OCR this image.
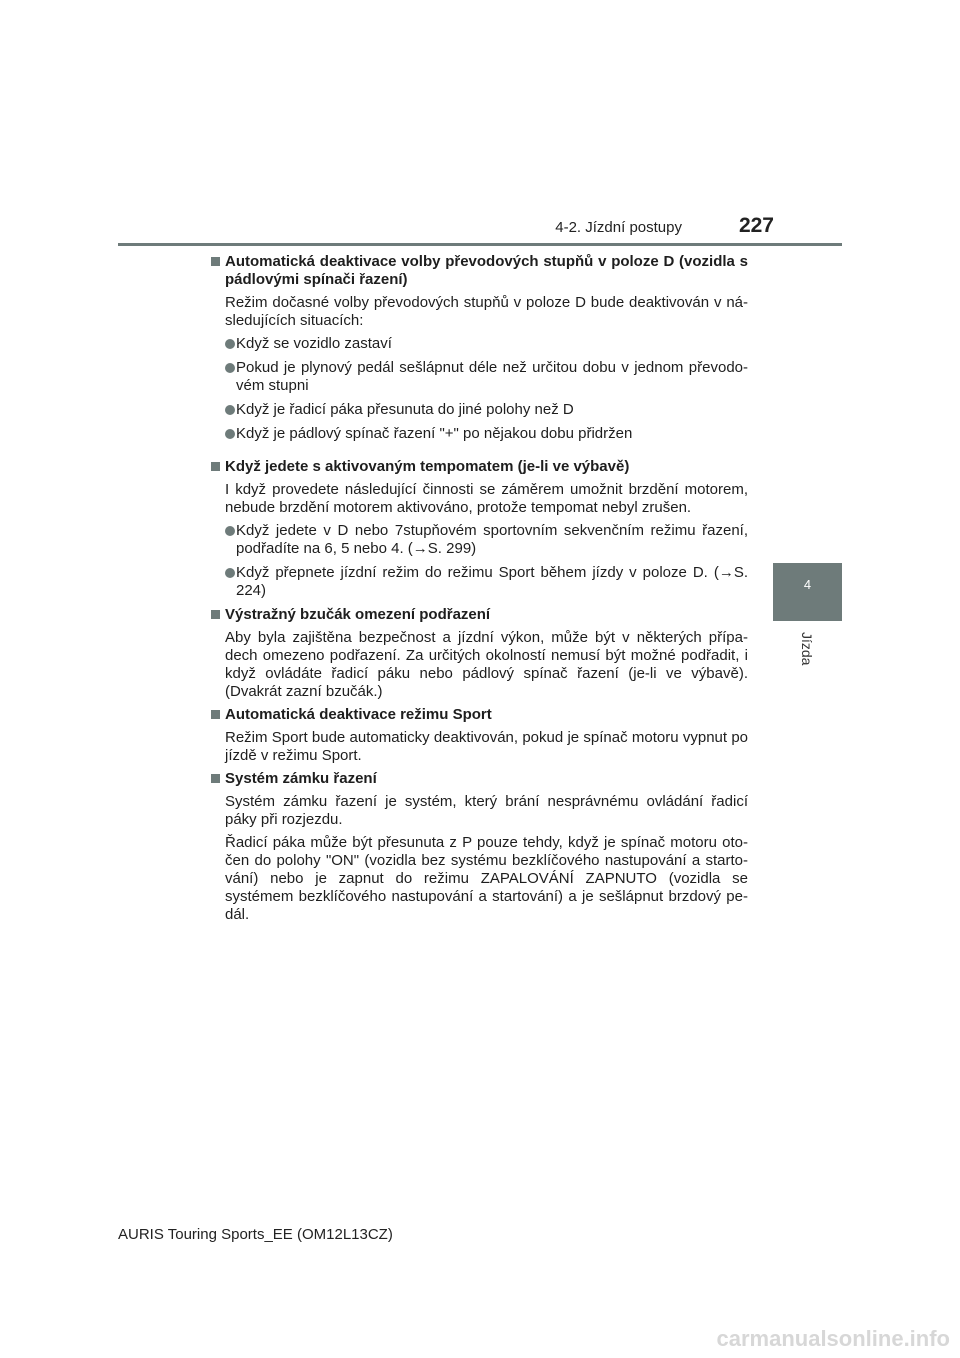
4-2. Jízdní postupy	227
4
Jízda
Automatická deaktivace volby převodových stupňů v poloze D (vozidla s pádlovými spínači řazení)
Režim dočasné volby převodových stupňů v poloze D bude deaktivován v ná-sledujících situacích:
Když se vozidlo zastaví
Pokud je plynový pedál sešlápnut déle než určitou dobu v jednom převodo-vém stupni
Když je řadicí páka přesunuta do jiné polohy než D
Když je pádlový spínač řazení "+" po nějakou dobu přidržen
Když jedete s aktivovaným tempomatem (je-li ve výbavě)
I když provedete následující činnosti se záměrem umožnit brzdění motorem, nebude brzdění motorem aktivováno, protože tempomat nebyl zrušen.
Když jedete v D nebo 7stupňovém sportovním sekvenčním režimu řazení, podřadíte na 6, 5 nebo 4. (→S. 299)
Když přepnete jízdní režim do režimu Sport během jízdy v poloze D. (→S. 224)
Výstražný bzučák omezení podřazení
Aby byla zajištěna bezpečnost a jízdní výkon, může být v některých přípa-dech omezeno podřazení. Za určitých okolností nemusí být možné podřadit, i když ovládáte řadicí páku nebo pádlový spínač řazení (je-li ve výbavě). (Dvakrát zazní bzučák.)
Automatická deaktivace režimu Sport
Režim Sport bude automaticky deaktivován, pokud je spínač motoru vypnut po jízdě v režimu Sport.
Systém zámku řazení
Systém zámku řazení je systém, který brání nesprávnému ovládání řadicí páky při rozjezdu.
Řadicí páka může být přesunuta z P pouze tehdy, když je spínač motoru oto-čen do polohy "ON" (vozidla bez systému bezklíčového nastupování a starto-vání) nebo je zapnut do režimu ZAPALOVÁNÍ ZAPNUTO (vozidla se systémem bezklíčového nastupování a startování) a je sešlápnut brzdový pe-dál.
AURIS Touring Sports_EE (OM12L13CZ)
carmanualsonline.info
